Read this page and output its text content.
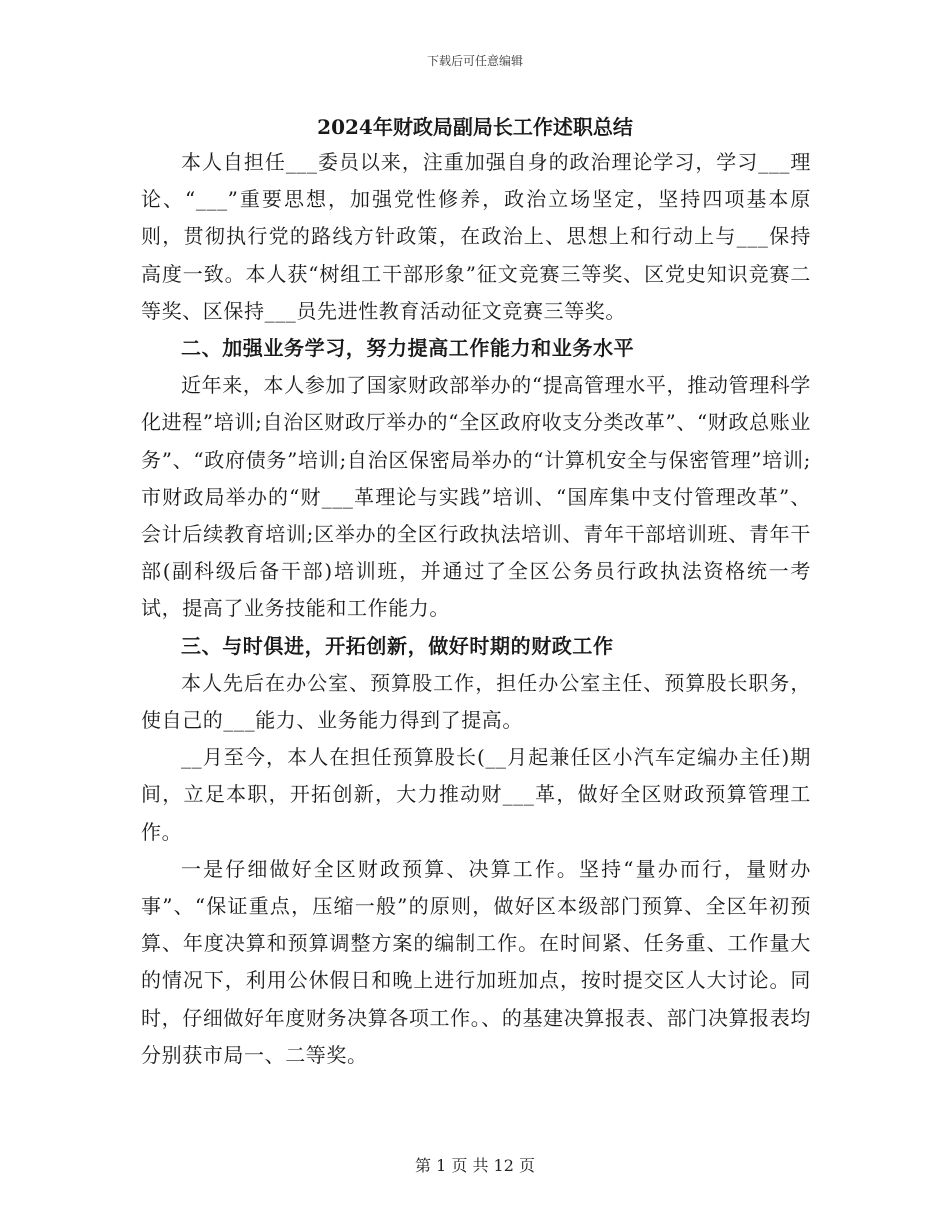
下载后可任意编辑
2024年财政局副局长工作述职总结

本人自担任___委员以来，注重加强自身的政治理论学习，学习___理论、“___”重要思想，加强党性修养，政治立场坚定，坚持四项基本原则，贯彻执行党的路线方针政策，在政治上、思想上和行动上与___保持高度一致。本人获“树组工干部形象”征文竞赛三等奖、区党史知识竞赛二等奖、区保持___员先进性教育活动征文竞赛三等奖。

二、加强业务学习，努力提高工作能力和业务水平

近年来，本人参加了国家财政部举办的“提高管理水平，推动管理科学化进程”培训;自治区财政厅举办的“全区政府收支分类改革”、“财政总账业务”、“政府债务”培训;自治区保密局举办的“计算机安全与保密管理”培训;市财政局举办的“财___革理论与实践”培训、“国库集中支付管理改革”、会计后续教育培训;区举办的全区行政执法培训、青年干部培训班、青年干部(副科级后备干部)培训班，并通过了全区公务员行政执法资格统一考试，提高了业务技能和工作能力。

三、与时俱进，开拓创新，做好时期的财政工作

本人先后在办公室、预算股工作，担任办公室主任、预算股长职务，使自己的___能力、业务能力得到了提高。

__月至今，本人在担任预算股长(__月起兼任区小汽车定编办主任)期间，立足本职，开拓创新，大力推动财___革，做好全区财政预算管理工作。

一是仔细做好全区财政预算、决算工作。坚持“量办而行，量财办事”、“保证重点，压缩一般”的原则，做好区本级部门预算、全区年初预算、年度决算和预算调整方案的编制工作。在时间紧、任务重、工作量大的情况下，利用公休假日和晚上进行加班加点，按时提交区人大讨论。同时，仔细做好年度财务决算各项工作。、的基建决算报表、部门决算报表均分别获市局一、二等奖。

第 1 页 共 12 页
